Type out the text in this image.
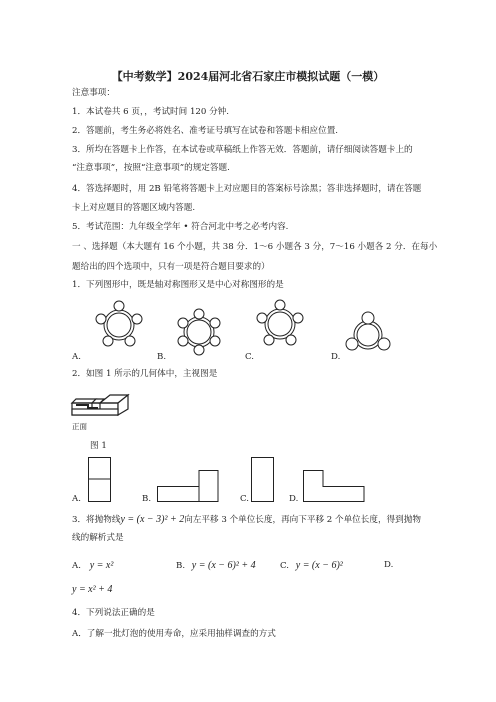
【中考数学】2024届河北省石家庄市模拟试题（一模）
注意事项：
1．本试卷共 6 页，，考试时间 120 分钟.
2．答题前，考生务必将姓名、准考证号填写在试卷和答题卡相应位置.
3．所均在答题卡上作答，在本试卷或草稿纸上作答无效．答题前，请仔细阅读答题卡上的
“注意事项”，按照“注意事项”的规定答题.
4．答选择题时，用 2B 铅笔将答题卡上对应题目的答案标号涂黑；答非选择题时，请在答题
卡上对应题目的答题区域内答题.
5．考试范围：九年级全学年 • 符合河北中考之必考内容.
一 、选择题（本大题有 16 个小题，共 38 分．1～6 小题各 3 分，7～16 小题各 2 分．在每小
题给出的四个选项中，只有一项是符合题目要求的）
1．下列图形中，既是轴对称图形又是中心对称图形的是
A.	B.	C.	D.
2．如图 1 所示的几何体中，主视图是
正面
图 1
A.	B.	C.	D.
3．将抛物线y = (x − 3)² + 2向左平移 3 个单位长度，再向下平移 2 个单位长度，得到抛物
线的解析式是
A. y = x²	B. y = (x − 6)² + 4	C. y = (x − 6)²	D.
y = x² + 4
4．下列说法正确的是
A．了解一批灯泡的使用寿命，应采用抽样调查的方式
